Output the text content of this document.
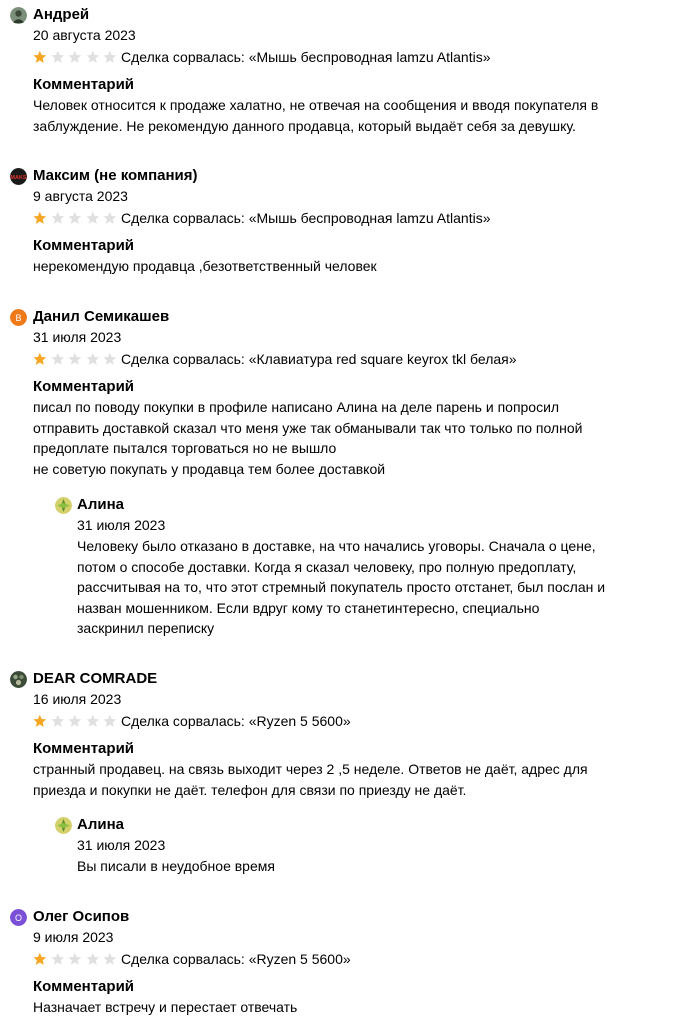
Андрей
20 августа 2023
Сделка сорвалась: «Мышь беспроводная lamzu Atlantis»
Комментарий
Человек относится к продаже халатно, не отвечая на сообщения и вводя покупателя в
заблуждение. Не рекомендую данного продавца, который выдаёт себя за девушку.
MAKS Максим (не компания)
9 августа 2023
Сделка сорвалась: «Мышь беспроводная lamzu Atlantis»
Комментарий
нерекомендую продавца ,безответственный человек
В Данил Семикашев
31 июля 2023
Сделка сорвалась: «Клавиатура red square keyrox tkl белая»
Комментарий
писал по поводу покупки в профиле написано Алина на деле парень и попросил
отправить доставкой сказал что меня уже так обманывали так что только по полной
предоплате пытался торговаться но не вышло
не советую покупать у продавца тем более доставкой
Алина
31 июля 2023
Человеку было отказано в доставке, на что начались уговоры. Сначала о цене,
потом о способе доставки. Когда я сказал человеку, про полную предоплату,
рассчитывая на то, что этот стремный покупатель просто отстанет, был послан и
назван мошенником. Если вдруг кому то станетинтересно, специально
заскринил переписку
DEAR COMRADE
16 июля 2023
Сделка сорвалась: «Ryzen 5 5600»
Комментарий
странный продавец. на связь выходит через 2 ,5 неделе. Ответов не даёт, адрес для
приезда и покупки не даёт. телефон для связи по приезду не даёт.
Алина
31 июля 2023
Вы писали в неудобное время
О Олег Осипов
9 июля 2023
Сделка сорвалась: «Ryzen 5 5600»
Комментарий
Назначает встречу и перестает отвечать
